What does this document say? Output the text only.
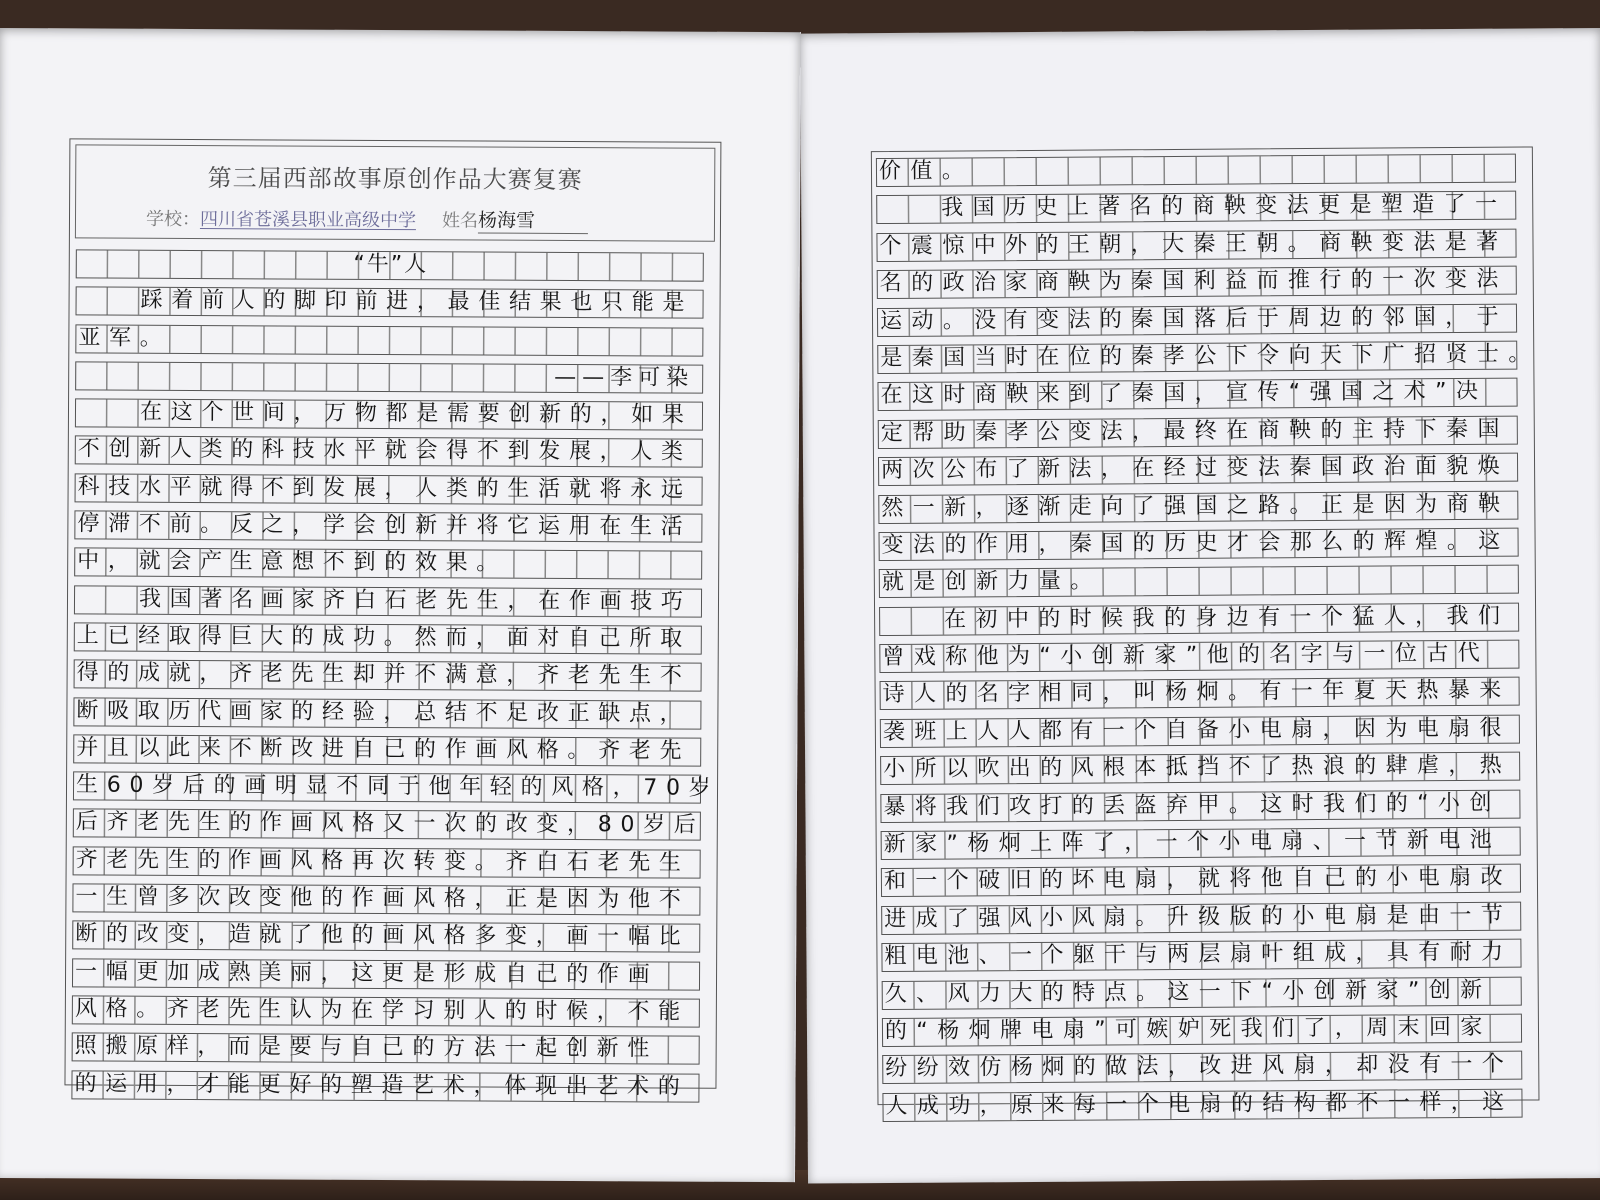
第三届西部故事原创作品大赛复赛
学校：四川省苍溪县职业高级中学 姓名杨海雪
“牛”人
踩着前人的脚印前进，最佳结果也只能是
亚军。
——李可染
在这个世间，万物都是需要创新的，如果
不创新人类的科技水平就会得不到发展，人类
科技水平就得不到发展，人类的生活就将永远
停滞不前。反之，学会创新并将它运用在生活
中，就会产生意想不到的效果。
我国著名画家齐白石老先生，在作画技巧
上已经取得巨大的成功。然而，面对自己所取
得的成就，齐老先生却并不满意，齐老先生不
断吸取历代画家的经验，总结不足改正缺点，
并且以此来不断改进自己的作画风格。齐老先
生60岁后的画明显不同于他年轻的风格，70岁
后齐老先生的作画风格又一次的改变，80岁后
齐老先生的作画风格再次转变。齐白石老先生
一生曾多次改变他的作画风格，正是因为他不
断的改变，造就了他的画风格多变，画一幅比
一幅更加成熟美丽，这更是形成自己的作画
风格。齐老先生认为在学习别人的时候，不能
照搬原样，而是要与自己的方法一起创新性
的运用，才能更好的塑造艺术，体现出艺术的
价值。
我国历史上著名的商鞅变法更是塑造了一
个震惊中外的王朝，大秦王朝。商鞅变法是著
名的政治家商鞅为秦国利益而推行的一次变法
运动。没有变法的秦国落后于周边的邻国，于
是秦国当时在位的秦孝公下令向天下广招贤士。
在这时商鞅来到了秦国，宣传“强国之术”决
定帮助秦孝公变法，最终在商鞅的主持下秦国
两次公布了新法，在经过变法秦国政治面貌焕
然一新，逐渐走向了强国之路。正是因为商鞅
变法的作用，秦国的历史才会那么的辉煌。这
就是创新力量。
在初中的时候我的身边有一个猛人，我们
曾戏称他为“小创新家”他的名字与一位古代
诗人的名字相同，叫杨炯。有一年夏天热暴来
袭班上人人都有一个自备小电扇，因为电扇很
小所以吹出的风根本抵挡不了热浪的肆虐，热
暴将我们攻打的丢盔弃甲。这时我们的“小创
新家”杨炯上阵了，一个小电扇、一节新电池
和一个破旧的坏电扇，就将他自己的小电扇改
进成了强风小风扇。升级版的小电扇是由一节
粗电池、一个躯干与两层扇叶组成，具有耐力
久、风力大的特点。这一下“小创新家”创新
的“杨炯牌电扇”可嫉妒死我们了，周末回家
纷纷效仿杨炯的做法，改进风扇，却没有一个
人成功，原来每一个电扇的结构都不一样，这
